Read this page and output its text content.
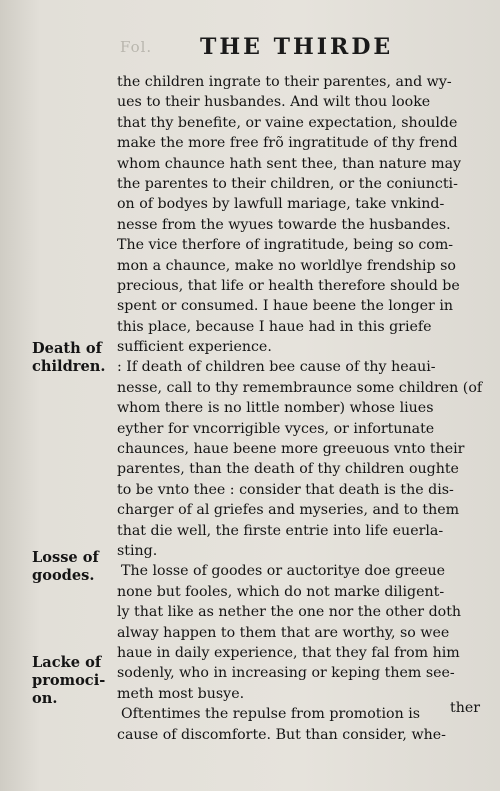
Fol. THE THIRDE
the children ingrate to their parentes, and wy-
ues to their husbandes. And wilt thou looke
that thy benefite, or vaine expectation, shoulde
make the more free frõ ingratitude of thy frend
whom chaunce hath sent thee, than nature may
the parentes to their children, or the coniuncti-
on of bodyes by lawfull mariage, take vnkind-
nesse from the wyues towarde the husbandes.
The vice therfore of ingratitude, being so com-
mon a chaunce, make no worldlye frendship so
precious, that life or health therefore should be
spent or consumed. I haue beene the longer in
this place, because I haue had in this griefe
sufficient experience.
: If death of children bee cause of thy heaui-
nesse, call to thy remembraunce some children (of
whom there is no little nomber) whose liues
eyther for vncorrigible vyces, or infortunate
chaunces, haue beene more greeuous vnto their
parentes, than the death of thy children oughte
to be vnto thee : consider that death is the dis-
charger of al griefes and myseries, and to them
that die well, the firste entrie into life euerla-
sting.
The losse of goodes or auctoritye doe greeue
none but fooles, which do not marke diligent-
ly that like as nether the one nor the other doth
alway happen to them that are worthy, so wee
haue in daily experience, that they fal from him
sodenly, who in increasing or keping them see-
meth most busye.
Oftentimes the repulse from promotion is
cause of discomforte. But than consider, whe-
Death of
children.
Losse of
goodes.
Lacke of
promoci-
on.
ther
